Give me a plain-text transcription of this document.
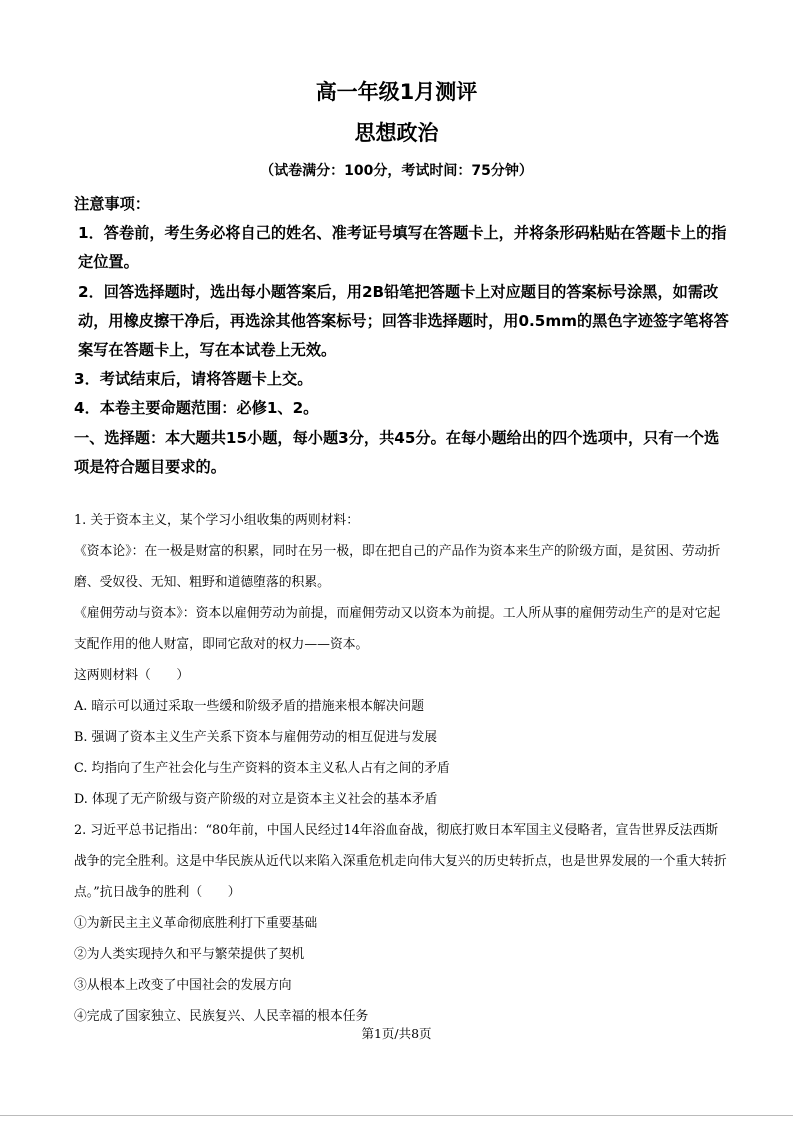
高一年级1月测评
思想政治
（试卷满分：100分，考试时间：75分钟）

注意事项：

1．答卷前，考生务必将自己的姓名、准考证号填写在答题卡上，并将条形码粘贴在答题卡上的指定位置。

2．回答选择题时，选出每小题答案后，用2B铅笔把答题卡上对应题目的答案标号涂黑，如需改动，用橡皮擦干净后，再选涂其他答案标号；回答非选择题时，用0.5mm的黑色字迹签字笔将答案写在答题卡上，写在本试卷上无效。

3．考试结束后，请将答题卡上交。

4．本卷主要命题范围：必修1、2。

一、选择题：本大题共15小题，每小题3分，共45分。在每小题给出的四个选项中，只有一个选项是符合题目要求的。

1. 关于资本主义，某个学习小组收集的两则材料：

《资本论》：在一极是财富的积累，同时在另一极，即在把自己的产品作为资本来生产的阶级方面，是贫困、劳动折磨、受奴役、无知、粗野和道德堕落的积累。

《雇佣劳动与资本》：资本以雇佣劳动为前提，而雇佣劳动又以资本为前提。工人所从事的雇佣劳动生产的是对它起支配作用的他人财富，即同它敌对的权力——资本。

这两则材料（　　）

A. 暗示可以通过采取一些缓和阶级矛盾的措施来根本解决问题

B. 强调了资本主义生产关系下资本与雇佣劳动的相互促进与发展

C. 均指向了生产社会化与生产资料的资本主义私人占有之间的矛盾

D. 体现了无产阶级与资产阶级的对立是资本主义社会的基本矛盾

2. 习近平总书记指出：“80年前，中国人民经过14年浴血奋战，彻底打败日本军国主义侵略者，宣告世界反法西斯战争的完全胜利。这是中华民族从近代以来陷入深重危机走向伟大复兴的历史转折点，也是世界发展的一个重大转折点。”抗日战争的胜利（　　）

①为新民主主义革命彻底胜利打下重要基础

②为人类实现持久和平与繁荣提供了契机

③从根本上改变了中国社会的发展方向

④完成了国家独立、民族复兴、人民幸福的根本任务

第1页/共8页
